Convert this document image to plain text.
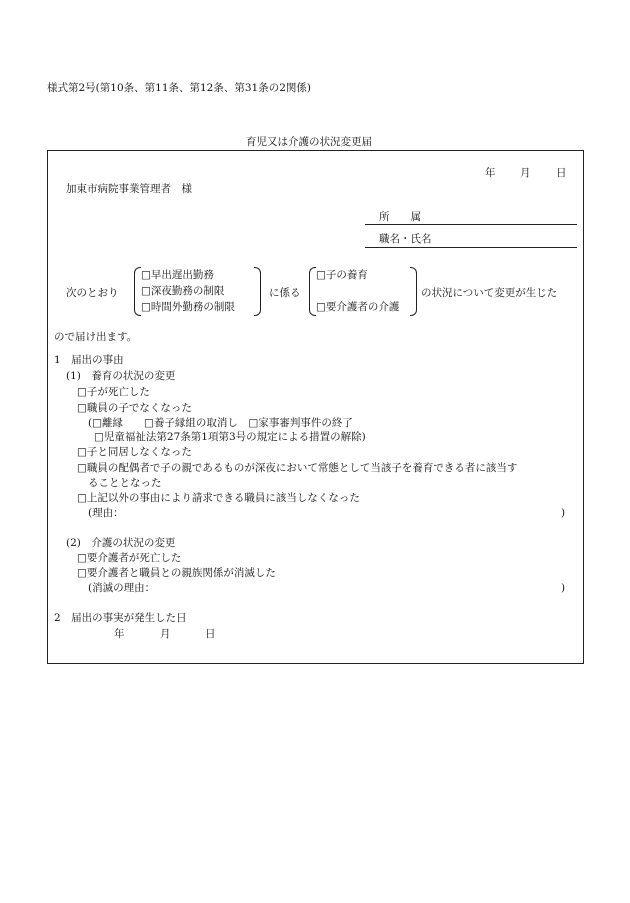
様式第2号(第10条、第11条、第12条、第31条の2関係)
育児又は介護の状況変更届
年 月 日
加東市病院事業管理者　様
所　　属
職名・氏名
次のとおり
□早出遅出勤務
□深夜勤務の制限
□時間外勤務の制限
に係る
□子の養育
□要介護者の介護
の状況について変更が生じた
ので届け出ます。
1　届出の事由
(1)　養育の状況の変更
□子が死亡した
□職員の子でなくなった
(□離縁　　□養子縁組の取消し　□家事審判事件の終了
□児童福祉法第27条第1項第3号の規定による措置の解除)
□子と同居しなくなった
□職員の配偶者で子の親であるものが深夜において常態として当該子を養育できる者に該当す
ることとなった
□上記以外の事由により請求できる職員に該当しなくなった
(理由：	)
(2)　介護の状況の変更
□要介護者が死亡した
□要介護者と職員との親族関係が消滅した
(消滅の理由：	)
2　届出の事実が発生した日
年	月	日
